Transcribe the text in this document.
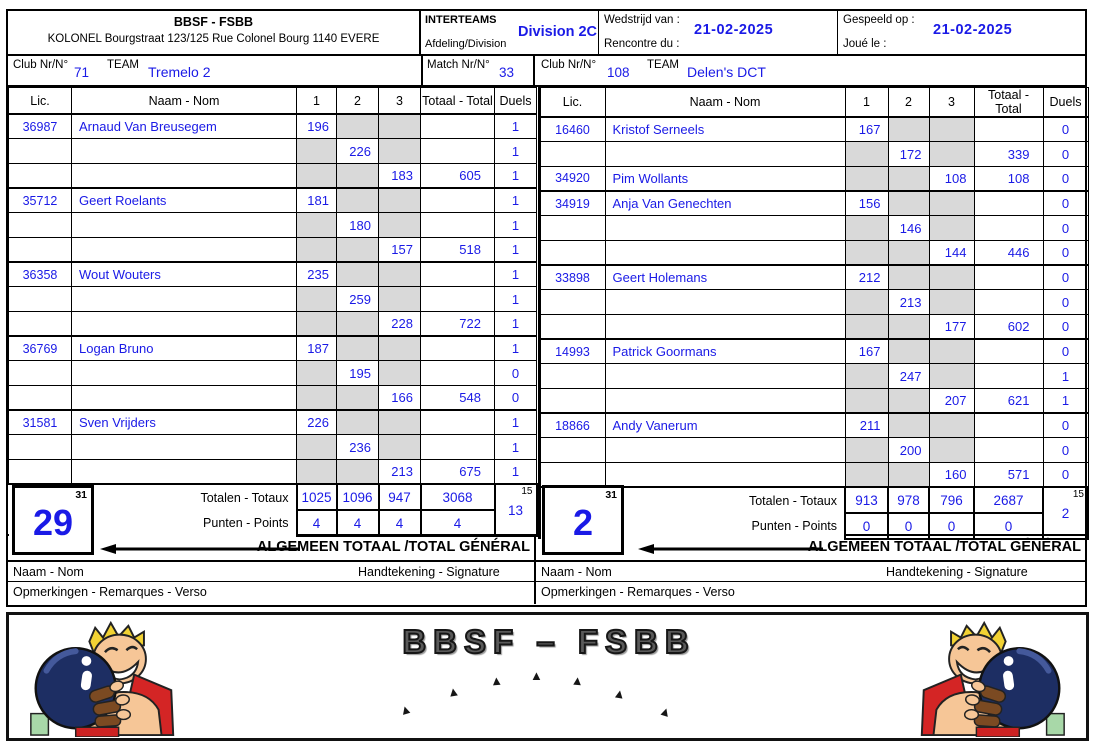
BBSF - FSBB
KOLONEL Bourgstraat 123/125 Rue Colonel Bourg 1140 EVERE
INTERTEAMS
Afdeling/Division
Division 2C
Wedstrijd van :
Rencontre du :
21-02-2025
Gespeeld op :
Joué le :
21-02-2025
Club Nr/N° 71 TEAM Tremelo 2	Match Nr/N° 33 Club Nr/N° 108 TEAM Delen's DCT
Lic.	Naam - Nom	1	2	3	Totaal - Total	Duels
36987	Arnaud Van Breusegem	196				1
			226			1
				183	605	1
35712	Geert Roelants	181				1
			180			1
				157	518	1
36358	Wout Wouters	235				1
			259			1
				228	722	1
36769	Logan Bruno	187				1
			195			0
				166	548	0
31581	Sven Vrijders	226				1
			236			1
				213	675	1
Totalen - Totaux		1025	1096	947	3068	15
13

Punten - Points		4	4	4	4	
Lic.	Naam - Nom	1	2	3	Totaal - Total	Duels
16460	Kristof Serneels	167				0
			172		339	0
34920	Pim Wollants			108	108	0
34919	Anja Van Genechten	156				0
			146			0
				144	446	0
33898	Geert Holemans	212				0
			213			0
				177	602	0
14993	Patrick Goormans	167				0
			247			1
				207	621	1
18866	Andy Vanerum	211				0
			200			0
				160	571	0
Totalen - Totaux		913	978	796	2687	15
2

Punten - Points		0	0	0	0	
ALGEMEEN TOTAAL /TOTAL GÉNÉRAL	ALGEMEEN TOTAAL /TOTAL GÉNÉRAL
Naam - Nom	Handtekening - Signature	Naam - Nom	Handtekening - Signature
Opmerkingen - Remarques - Verso	Opmerkingen - Remarques - Verso
31
29
31
2
BBSF – FSBB
▲
▲
▲ ▲ ▲
▲
▲
